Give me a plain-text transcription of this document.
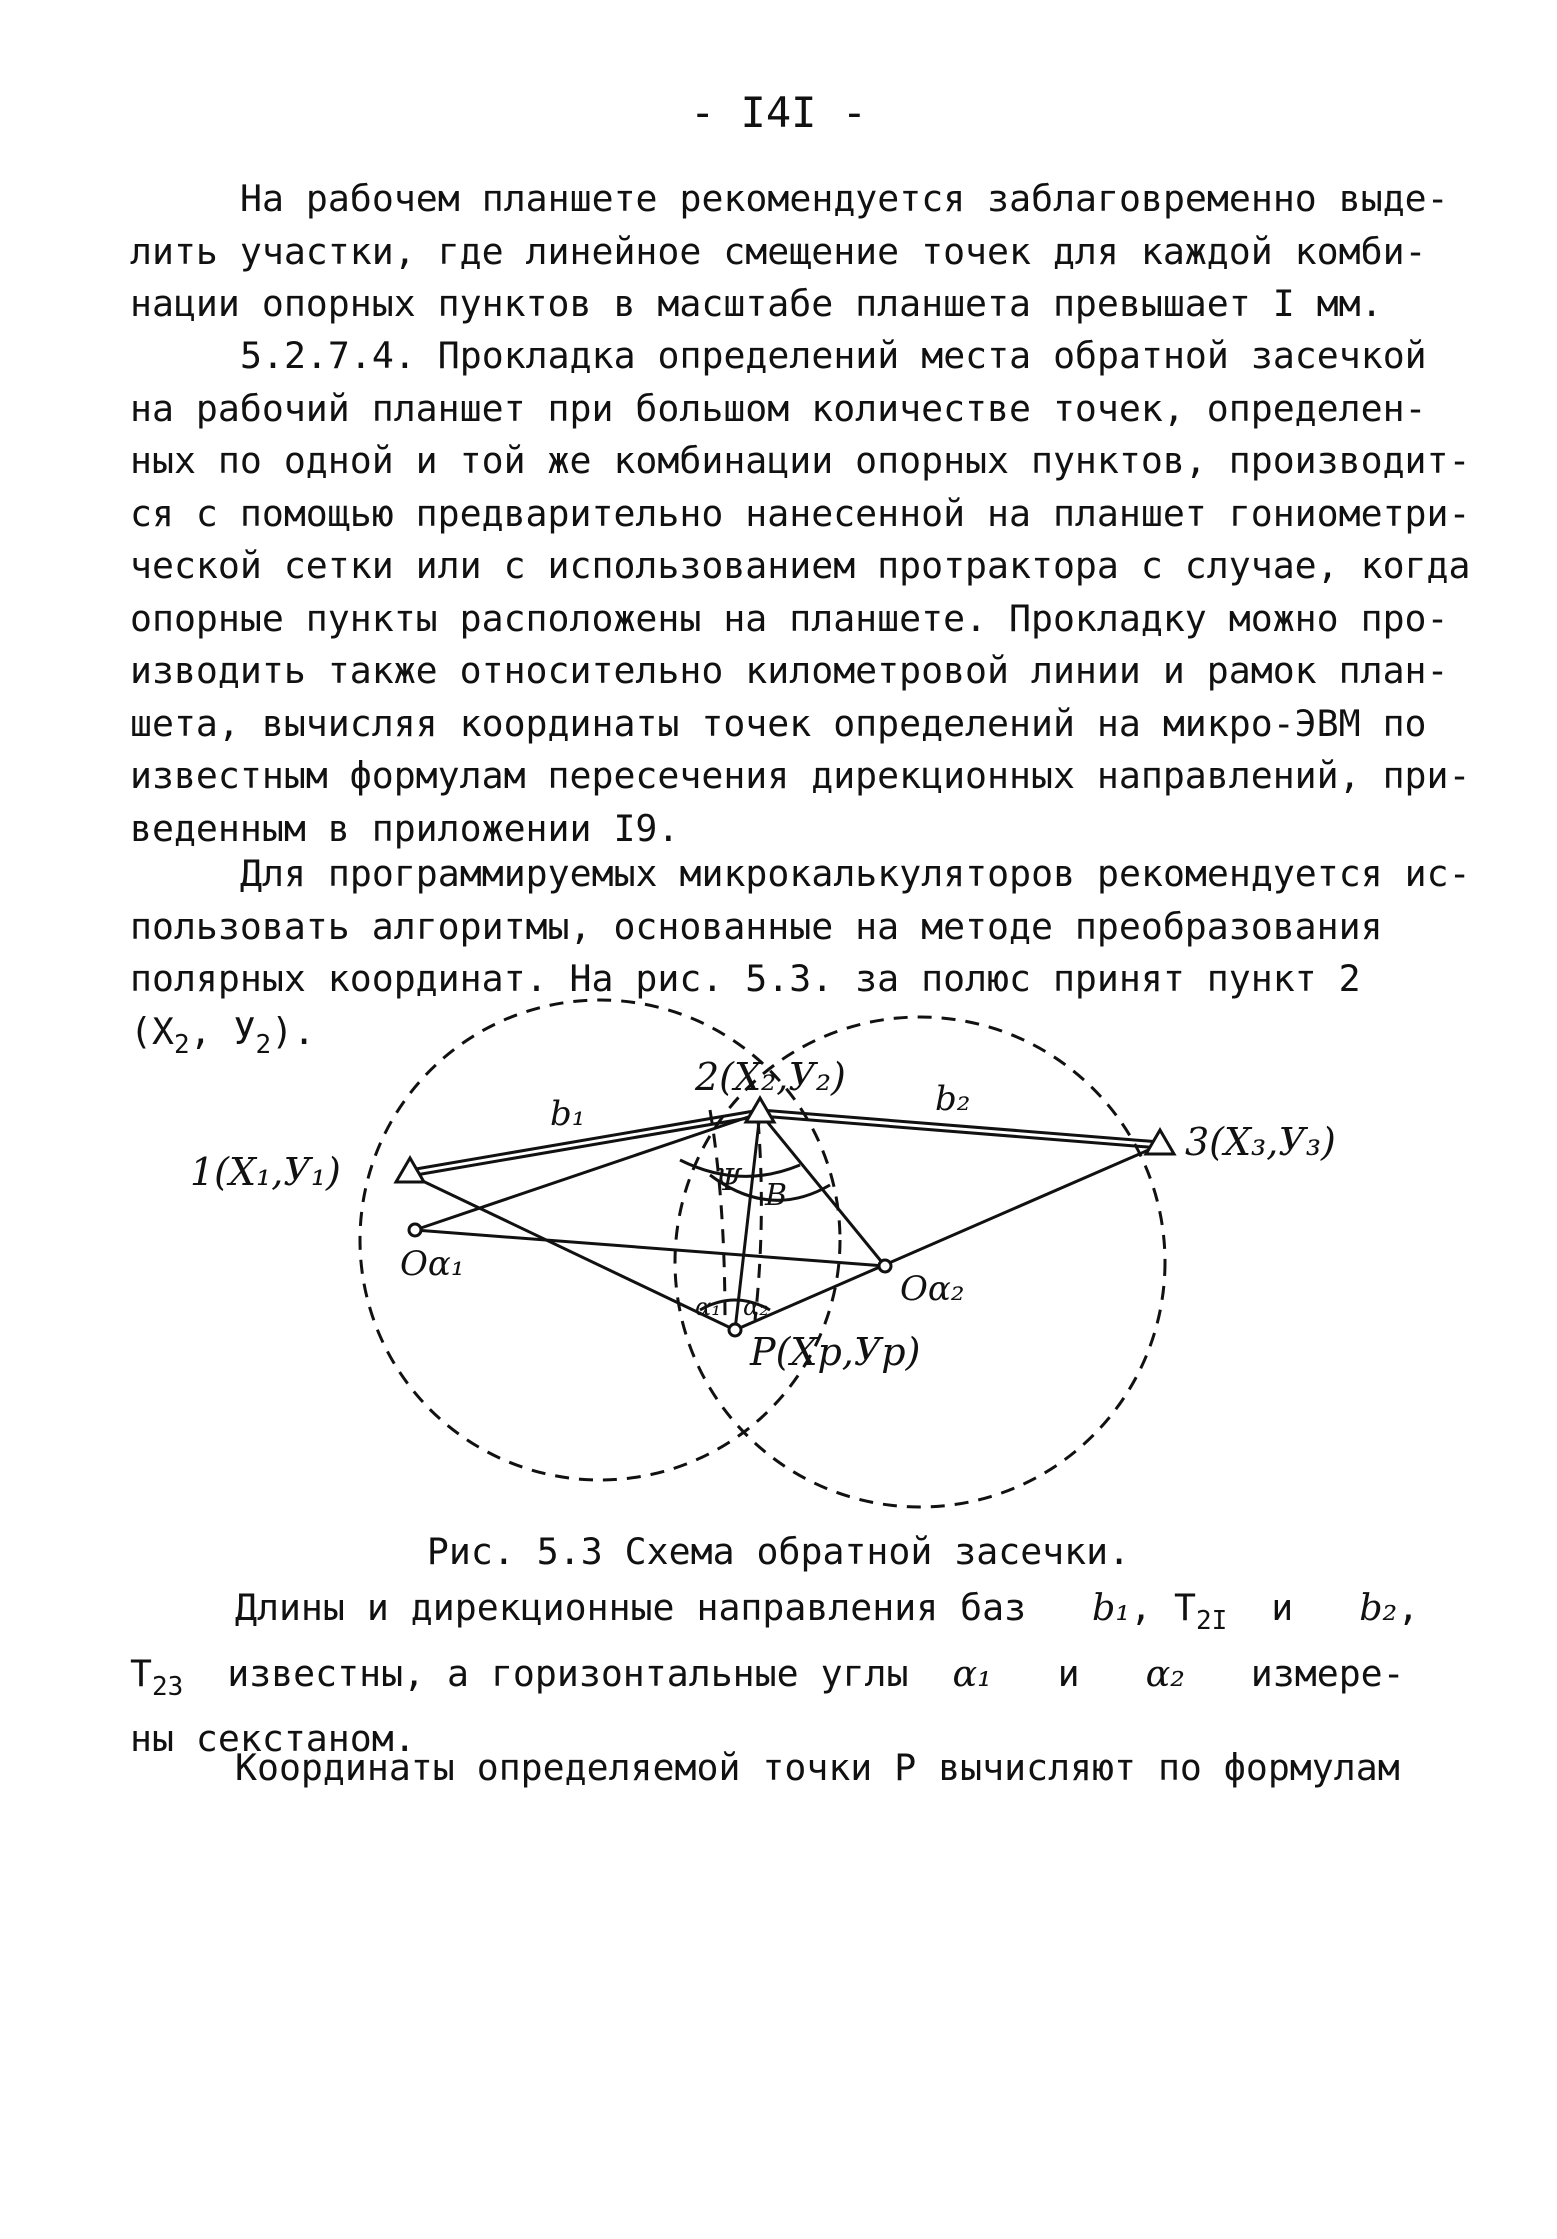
- I4I -
На рабочем планшете рекомендуется заблаговременно выде-
лить участки, где линейное смещение точек для каждой комби-
нации опорных пунктов в масштабе планшета превышает I мм.
5.2.7.4. Прокладка определений места обратной засечкой
на рабочий планшет при большом количестве точек, определен-
ных по одной и той же комбинации опорных пунктов, производит-
ся с помощью предварительно нанесенной на планшет гониометри-
ческой сетки или с использованием протрактора с случае, когда
опорные пункты расположены на планшете. Прокладку можно про-
изводить также относительно километровой линии и рамок план-
шета, вычисляя координаты точек определений на микро-ЭВМ по
известным формулам пересечения дирекционных направлений, при-
веденным в приложении I9.
Для программируемых микрокалькуляторов рекомендуется ис-
пользовать алгоритмы, основанные на методе преобразования
полярных координат. На рис. 5.3. за полюс принят пункт 2
($X_2$, $У_2$).
1(X₁,У₁)
2(X₂,У₂)
3(X₃,У₃)
P(Xp,Уp)
Oα₁
Oα₂
b₁	b₂
Ψ B
α₁ α₂
Рис. 5.3 Схема обратной засечки.
Длины и дирекционные направления баз b₁, $T_{2I}$ и b₂,
$T_{23}$ известны, а горизонтальные углы α₁ и α₂ измере-
ны секстаном.
Координаты определяемой точки P вычисляют по формулам
